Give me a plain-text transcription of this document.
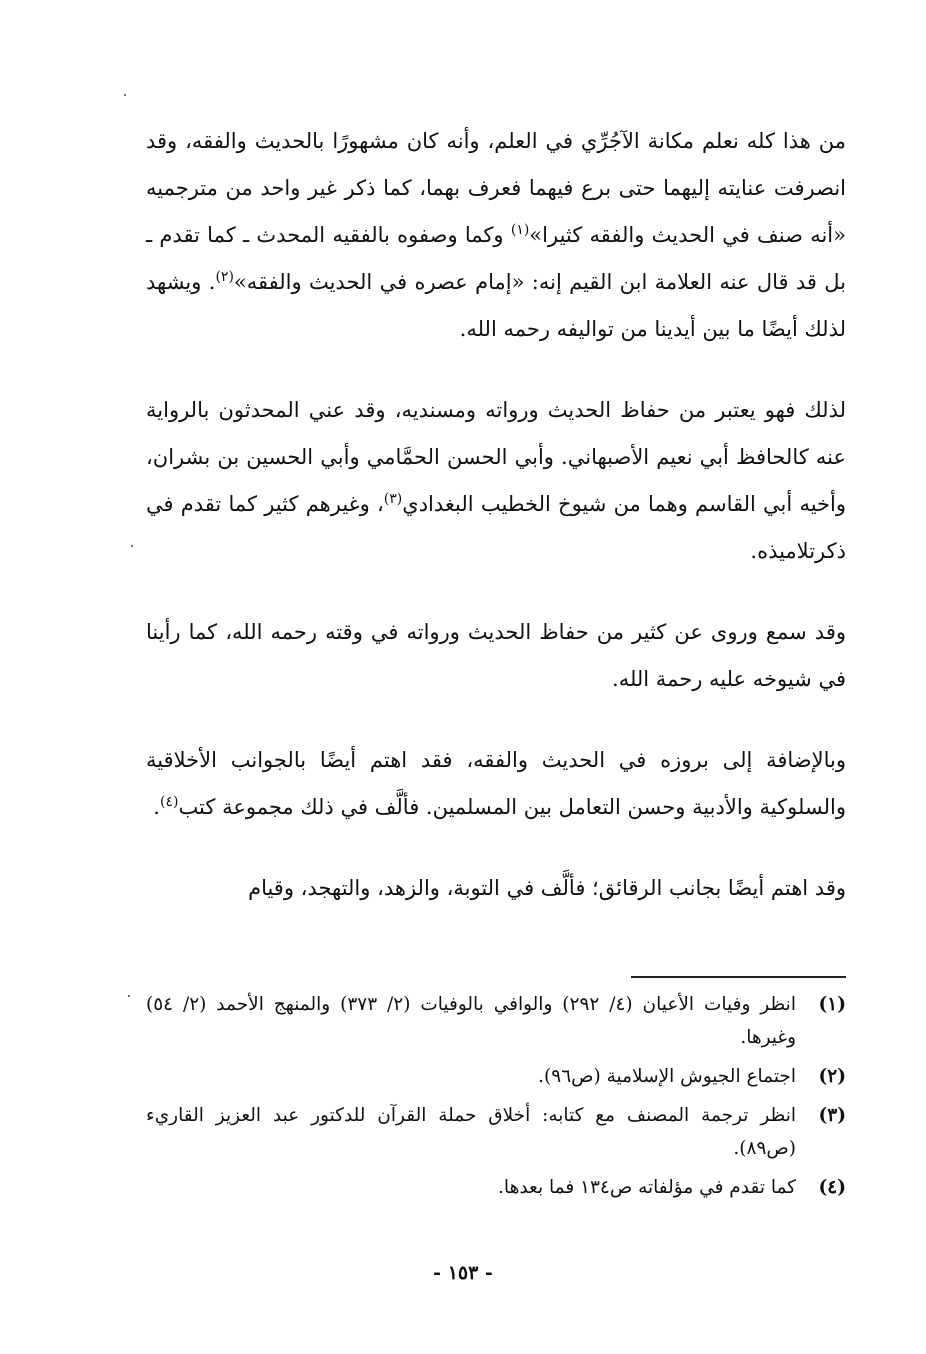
من هذا كله نعلم مكانة الآجُرِّي في العلم، وأنه كان مشهورًا بالحديث والفقه، وقد انصرفت عنايته إليهما حتى برع فيهما فعرف بهما، كما ذكر غير واحد من مترجميه «أنه صنف في الحديث والفقه كثيرا»$^{(١)}$ وكما وصفوه بالفقيه المحدث ـ كما تقدم ـ بل قد قال عنه العلامة ابن القيم إنه: «إمام عصره في الحديث والفقه»$^{(٢)}$. ويشهد لذلك أيضًا ما بين أيدينا من تواليفه رحمه الله.

لذلك فهو يعتبر من حفاظ الحديث ورواته ومسنديه، وقد عني المحدثون بالرواية عنه كالحافظ أبي نعيم الأصبهاني. وأبي الحسن الحمَّامي وأبي الحسين بن بشران، وأخيه أبي القاسم وهما من شيوخ الخطيب البغدادي$^{(٣)}$، وغيرهم كثير كما تقدم في ذكرتلاميذه.

وقد سمع وروى عن كثير من حفاظ الحديث ورواته في وقته رحمه الله، كما رأينا في شيوخه عليه رحمة الله.

وبالإضافة إلى بروزه في الحديث والفقه، فقد اهتم أيضًا بالجوانب الأخلاقية والسلوكية والأدبية وحسن التعامل بين المسلمين. فألَّف في ذلك مجموعة كتب$^{(٤)}$.

وقد اهتم أيضًا بجانب الرقائق؛ فألَّف في التوبة، والزهد، والتهجد، وقيام

(١)
انظر وفيات الأعيان (٤/ ٢٩٢) والوافي بالوفيات (٢/ ٣٧٣) والمنهج الأحمد (٢/ ٥٤) وغيرها.
(٢)
اجتماع الجيوش الإسلامية (ص٩٦).
(٣)
انظر ترجمة المصنف مع كتابه: أخلاق حملة القرآن للدكتور عبد العزيز القاريء (ص٨٩).
(٤)
كما تقدم في مؤلفاته ص١٣٤ فما بعدها.
- ١٥٣ -
